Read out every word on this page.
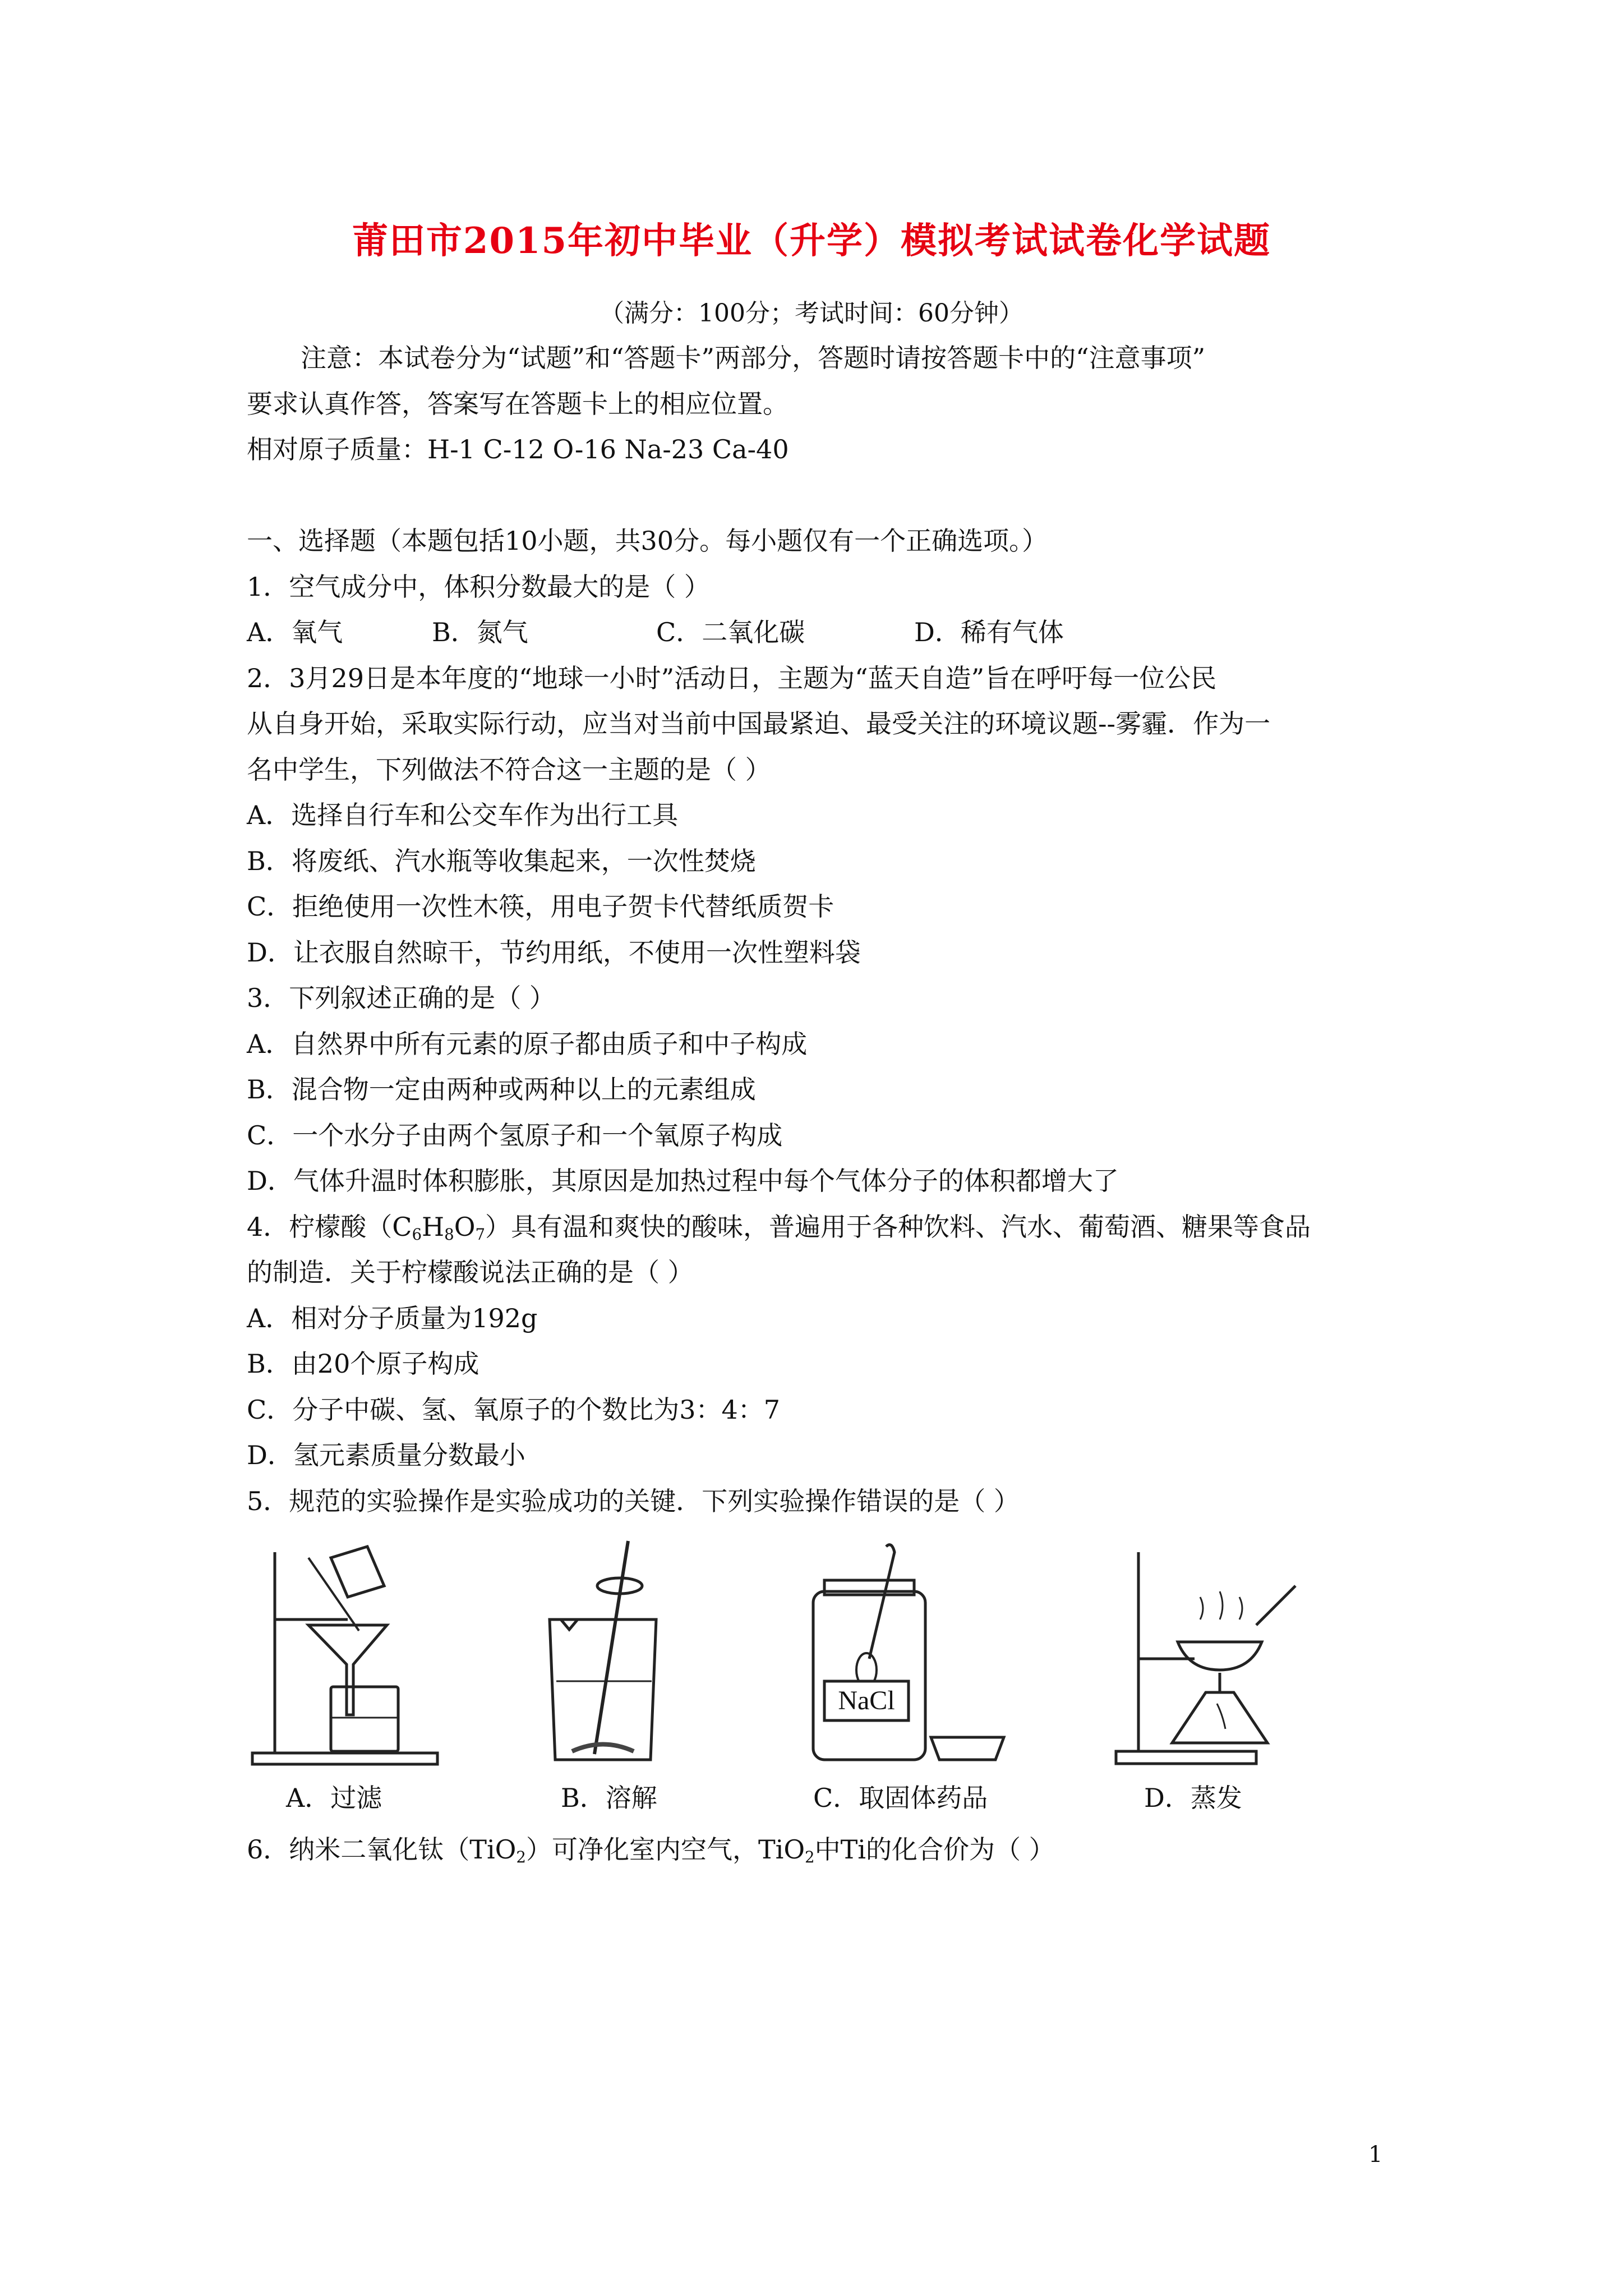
莆田市2015年初中毕业（升学）模拟考试试卷化学试题
（满分：100分；考试时间：60分钟）
注意：本试卷分为“试题”和“答题卡”两部分，答题时请按答题卡中的“注意事项”
要求认真作答，答案写在答题卡上的相应位置。
相对原子质量：H-1 C-12 O-16 Na-23 Ca-40
一、选择题（本题包括10小题，共30分。每小题仅有一个正确选项。）
1．空气成分中，体积分数最大的是（ ）
A．氧气	B．氮气	C．二氧化碳	D．稀有气体
2．3月29日是本年度的“地球一小时”活动日，主题为“蓝天自造”旨在呼吁每一位公民
从自身开始，采取实际行动，应当对当前中国最紧迫、最受关注的环境议题--雾霾．作为一
名中学生，下列做法不符合这一主题的是（ ）
A．选择自行车和公交车作为出行工具
B．将废纸、汽水瓶等收集起来，一次性焚烧
C．拒绝使用一次性木筷，用电子贺卡代替纸质贺卡
D．让衣服自然晾干，节约用纸，不使用一次性塑料袋
3．下列叙述正确的是（ ）
A．自然界中所有元素的原子都由质子和中子构成
B．混合物一定由两种或两种以上的元素组成
C．一个水分子由两个氢原子和一个氧原子构成
D．气体升温时体积膨胀，其原因是加热过程中每个气体分子的体积都增大了
4．柠檬酸$(C_6H_8O_7)$具有温和爽快的酸味，普遍用于各种饮料、汽水、葡萄酒、糖果等食品
的制造．关于柠檬酸说法正确的是（ ）
A．相对分子质量为192g
B．由20个原子构成
C．分子中碳、氢、氧原子的个数比为3：4：7
D．氢元素质量分数最小
5．规范的实验操作是实验成功的关键．下列实验操作错误的是（ ）
NaCl
A．过滤	B．溶解	C．取固体药品	D．蒸发
6．纳米二氧化钛（TiO$_2$）可净化室内空气，TiO$_2$中Ti的化合价为（ ）
1
